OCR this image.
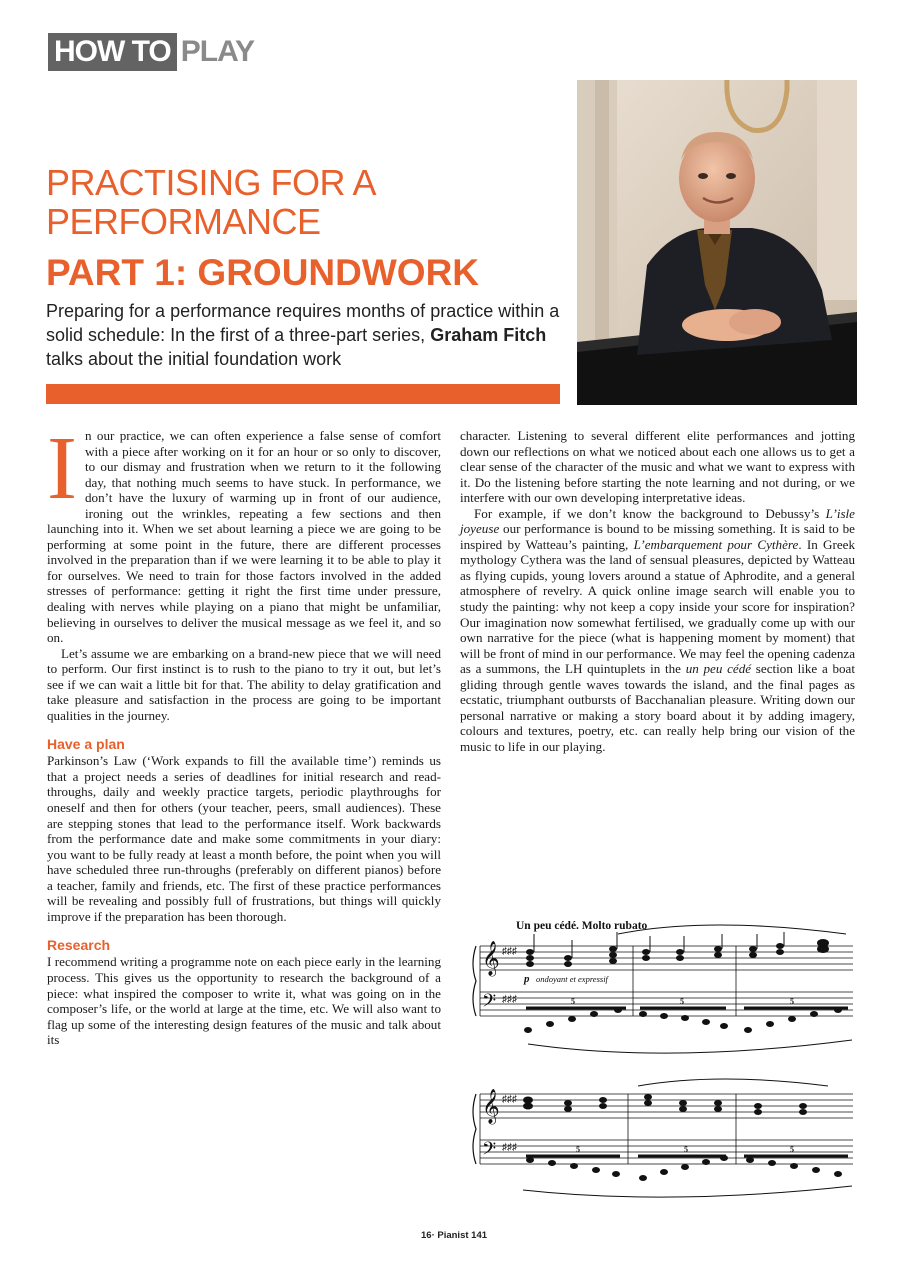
HOW TO PLAY
PRACTISING FOR A PERFORMANCE
PART 1: GROUNDWORK

Preparing for a performance requires months of practice within a solid schedule: In the first of a three-part series, Graham Fitch talks about the initial foundation work

In our practice, we can often experience a false sense of comfort with a piece after working on it for an hour or so only to discover, to our dismay and frustration when we return to it the following day, that nothing much seems to have stuck. In performance, we don’t have the luxury of warming up in front of our audience, ironing out the wrinkles, repeating a few sections and then launching into it. When we set about learning a piece we are going to be performing at some point in the future, there are different processes involved in the preparation than if we were learning it to be able to play it for ourselves. We need to train for those factors involved in the added stresses of performance: getting it right the first time under pressure, dealing with nerves while playing on a piano that might be unfamiliar, believing in ourselves to deliver the musical message as we feel it, and so on.

Let’s assume we are embarking on a brand-new piece that we will need to perform. Our first instinct is to rush to the piano to try it out, but let’s see if we can wait a little bit for that. The ability to delay gratification and take pleasure and satisfaction in the process are going to be important qualities in the journey.

Have a plan

Parkinson’s Law (‘Work expands to fill the available time’) reminds us that a project needs a series of deadlines for initial research and read-throughs, daily and weekly practice targets, periodic playthroughs for oneself and then for others (your teacher, peers, small audiences). These are stepping stones that lead to the performance itself. Work backwards from the performance date and make some commitments in your diary: you want to be fully ready at least a month before, the point when you will have scheduled three run-throughs (preferably on different pianos) before a teacher, family and friends, etc. The first of these practice performances will be revealing and possibly full of frustrations, but things will quickly improve if the preparation has been thorough.

Research

I recommend writing a programme note on each piece early in the learning process. This gives us the opportunity to research the background of a piece: what inspired the composer to write it, what was going on in the composer’s life, or the world at large at the time, etc. We will also want to flag up some of the interesting design features of the music and talk about its

character. Listening to several different elite performances and jotting down our reflections on what we noticed about each one allows us to get a clear sense of the character of the music and what we want to express with it. Do the listening before starting the note learning and not during, or we interfere with our own developing interpretative ideas.

For example, if we don’t know the background to Debussy’s L’isle joyeuse our performance is bound to be missing something. It is said to be inspired by Watteau’s painting, L’embarquement pour Cythère. In Greek mythology Cythera was the land of sensual pleasures, depicted by Watteau as flying cupids, young lovers around a statue of Aphrodite, and a general atmosphere of revelry. A quick online image search will enable you to study the painting: why not keep a copy inside your score for inspiration? Our imagination now somewhat fertilised, we gradually come up with our own narrative for the piece (what is happening moment by moment) that will be front of mind in our performance. We may feel the opening cadenza as a summons, the LH quintuplets in the un peu cédé section like a boat gliding through gentle waves towards the island, and the final pages as ecstatic, triumphant outbursts of Bacchanalian pleasure. Writing down our personal narrative or making a story board about it by adding imagery, colours and textures, poetry, etc. can really help bring our vision of the music to life in our playing.

Un peu cédé. Molto rubato
𝄞
𝄢
♯♯♯
♯♯♯
p ondoyant et expressif
5	5	5
𝄞
𝄢
♯♯♯
♯♯♯	5	5	5
16· Pianist 141
